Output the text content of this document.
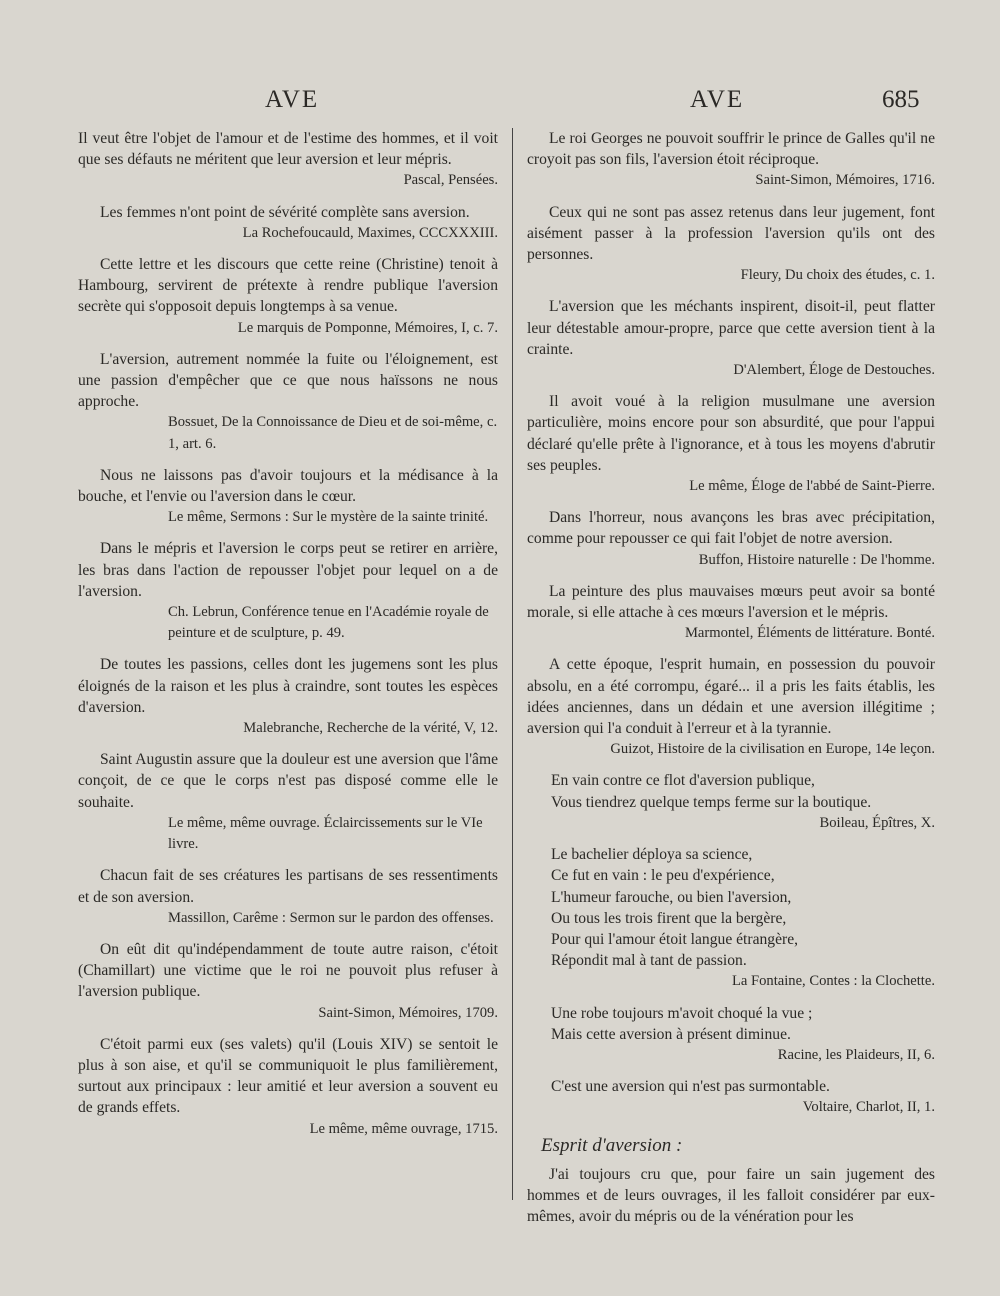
AVE	AVE	685

Il veut être l'objet de l'amour et de l'estime des hommes, et il voit que ses défauts ne méritent que leur aversion et leur mépris.

Pascal, Pensées.

Les femmes n'ont point de sévérité complète sans aversion.

La Rochefoucauld, Maximes, CCCXXXIII.

Cette lettre et les discours que cette reine (Christine) tenoit à Hambourg, servirent de prétexte à rendre publique l'aversion secrète qui s'opposoit depuis longtemps à sa venue.

Le marquis de Pomponne, Mémoires, I, c. 7.

L'aversion, autrement nommée la fuite ou l'éloignement, est une passion d'empêcher que ce que nous haïssons ne nous approche.

Bossuet, De la Connoissance de Dieu et de soi-même, c. 1, art. 6.

Nous ne laissons pas d'avoir toujours et la médisance à la bouche, et l'envie ou l'aversion dans le cœur.

Le même, Sermons : Sur le mystère de la sainte trinité.

Dans le mépris et l'aversion le corps peut se retirer en arrière, les bras dans l'action de repousser l'objet pour lequel on a de l'aversion.

Ch. Lebrun, Conférence tenue en l'Académie royale de peinture et de sculpture, p. 49.

De toutes les passions, celles dont les jugemens sont les plus éloignés de la raison et les plus à craindre, sont toutes les espèces d'aversion.

Malebranche, Recherche de la vérité, V, 12.

Saint Augustin assure que la douleur est une aversion que l'âme conçoit, de ce que le corps n'est pas disposé comme elle le souhaite.

Le même, même ouvrage. Éclaircissements sur le VIe livre.

Chacun fait de ses créatures les partisans de ses ressentiments et de son aversion.

Massillon, Carême : Sermon sur le pardon des offenses.

On eût dit qu'indépendamment de toute autre raison, c'étoit (Chamillart) une victime que le roi ne pouvoit plus refuser à l'aversion publique.

Saint-Simon, Mémoires, 1709.

C'étoit parmi eux (ses valets) qu'il (Louis XIV) se sentoit le plus à son aise, et qu'il se communiquoit le plus familièrement, surtout aux principaux : leur amitié et leur aversion a souvent eu de grands effets.

Le même, même ouvrage, 1715.

Le roi Georges ne pouvoit souffrir le prince de Galles qu'il ne croyoit pas son fils, l'aversion étoit réciproque.

Saint-Simon, Mémoires, 1716.

Ceux qui ne sont pas assez retenus dans leur jugement, font aisément passer à la profession l'aversion qu'ils ont des personnes.

Fleury, Du choix des études, c. 1.

L'aversion que les méchants inspirent, disoit-il, peut flatter leur détestable amour-propre, parce que cette aversion tient à la crainte.

D'Alembert, Éloge de Destouches.

Il avoit voué à la religion musulmane une aversion particulière, moins encore pour son absurdité, que pour l'appui déclaré qu'elle prête à l'ignorance, et à tous les moyens d'abrutir ses peuples.

Le même, Éloge de l'abbé de Saint-Pierre.

Dans l'horreur, nous avançons les bras avec précipitation, comme pour repousser ce qui fait l'objet de notre aversion.

Buffon, Histoire naturelle : De l'homme.

La peinture des plus mauvaises mœurs peut avoir sa bonté morale, si elle attache à ces mœurs l'aversion et le mépris.

Marmontel, Éléments de littérature. Bonté.

A cette époque, l'esprit humain, en possession du pouvoir absolu, en a été corrompu, égaré... il a pris les faits établis, les idées anciennes, dans un dédain et une aversion illégitime ; aversion qui l'a conduit à l'erreur et à la tyrannie.

Guizot, Histoire de la civilisation en Europe, 14e leçon.

En vain contre ce flot d'aversion publique,
Vous tiendrez quelque temps ferme sur la boutique.

Boileau, Épîtres, X.

Le bachelier déploya sa science,
Ce fut en vain : le peu d'expérience,
L'humeur farouche, ou bien l'aversion,
Ou tous les trois firent que la bergère,
Pour qui l'amour étoit langue étrangère,
Répondit mal à tant de passion.

La Fontaine, Contes : la Clochette.

Une robe toujours m'avoit choqué la vue ;
Mais cette aversion à présent diminue.

Racine, les Plaideurs, II, 6.

C'est une aversion qui n'est pas surmontable.

Voltaire, Charlot, II, 1.

Esprit d'aversion :

J'ai toujours cru que, pour faire un sain jugement des hommes et de leurs ouvrages, il les falloit considérer par eux-mêmes, avoir du mépris ou de la vénération pour les
